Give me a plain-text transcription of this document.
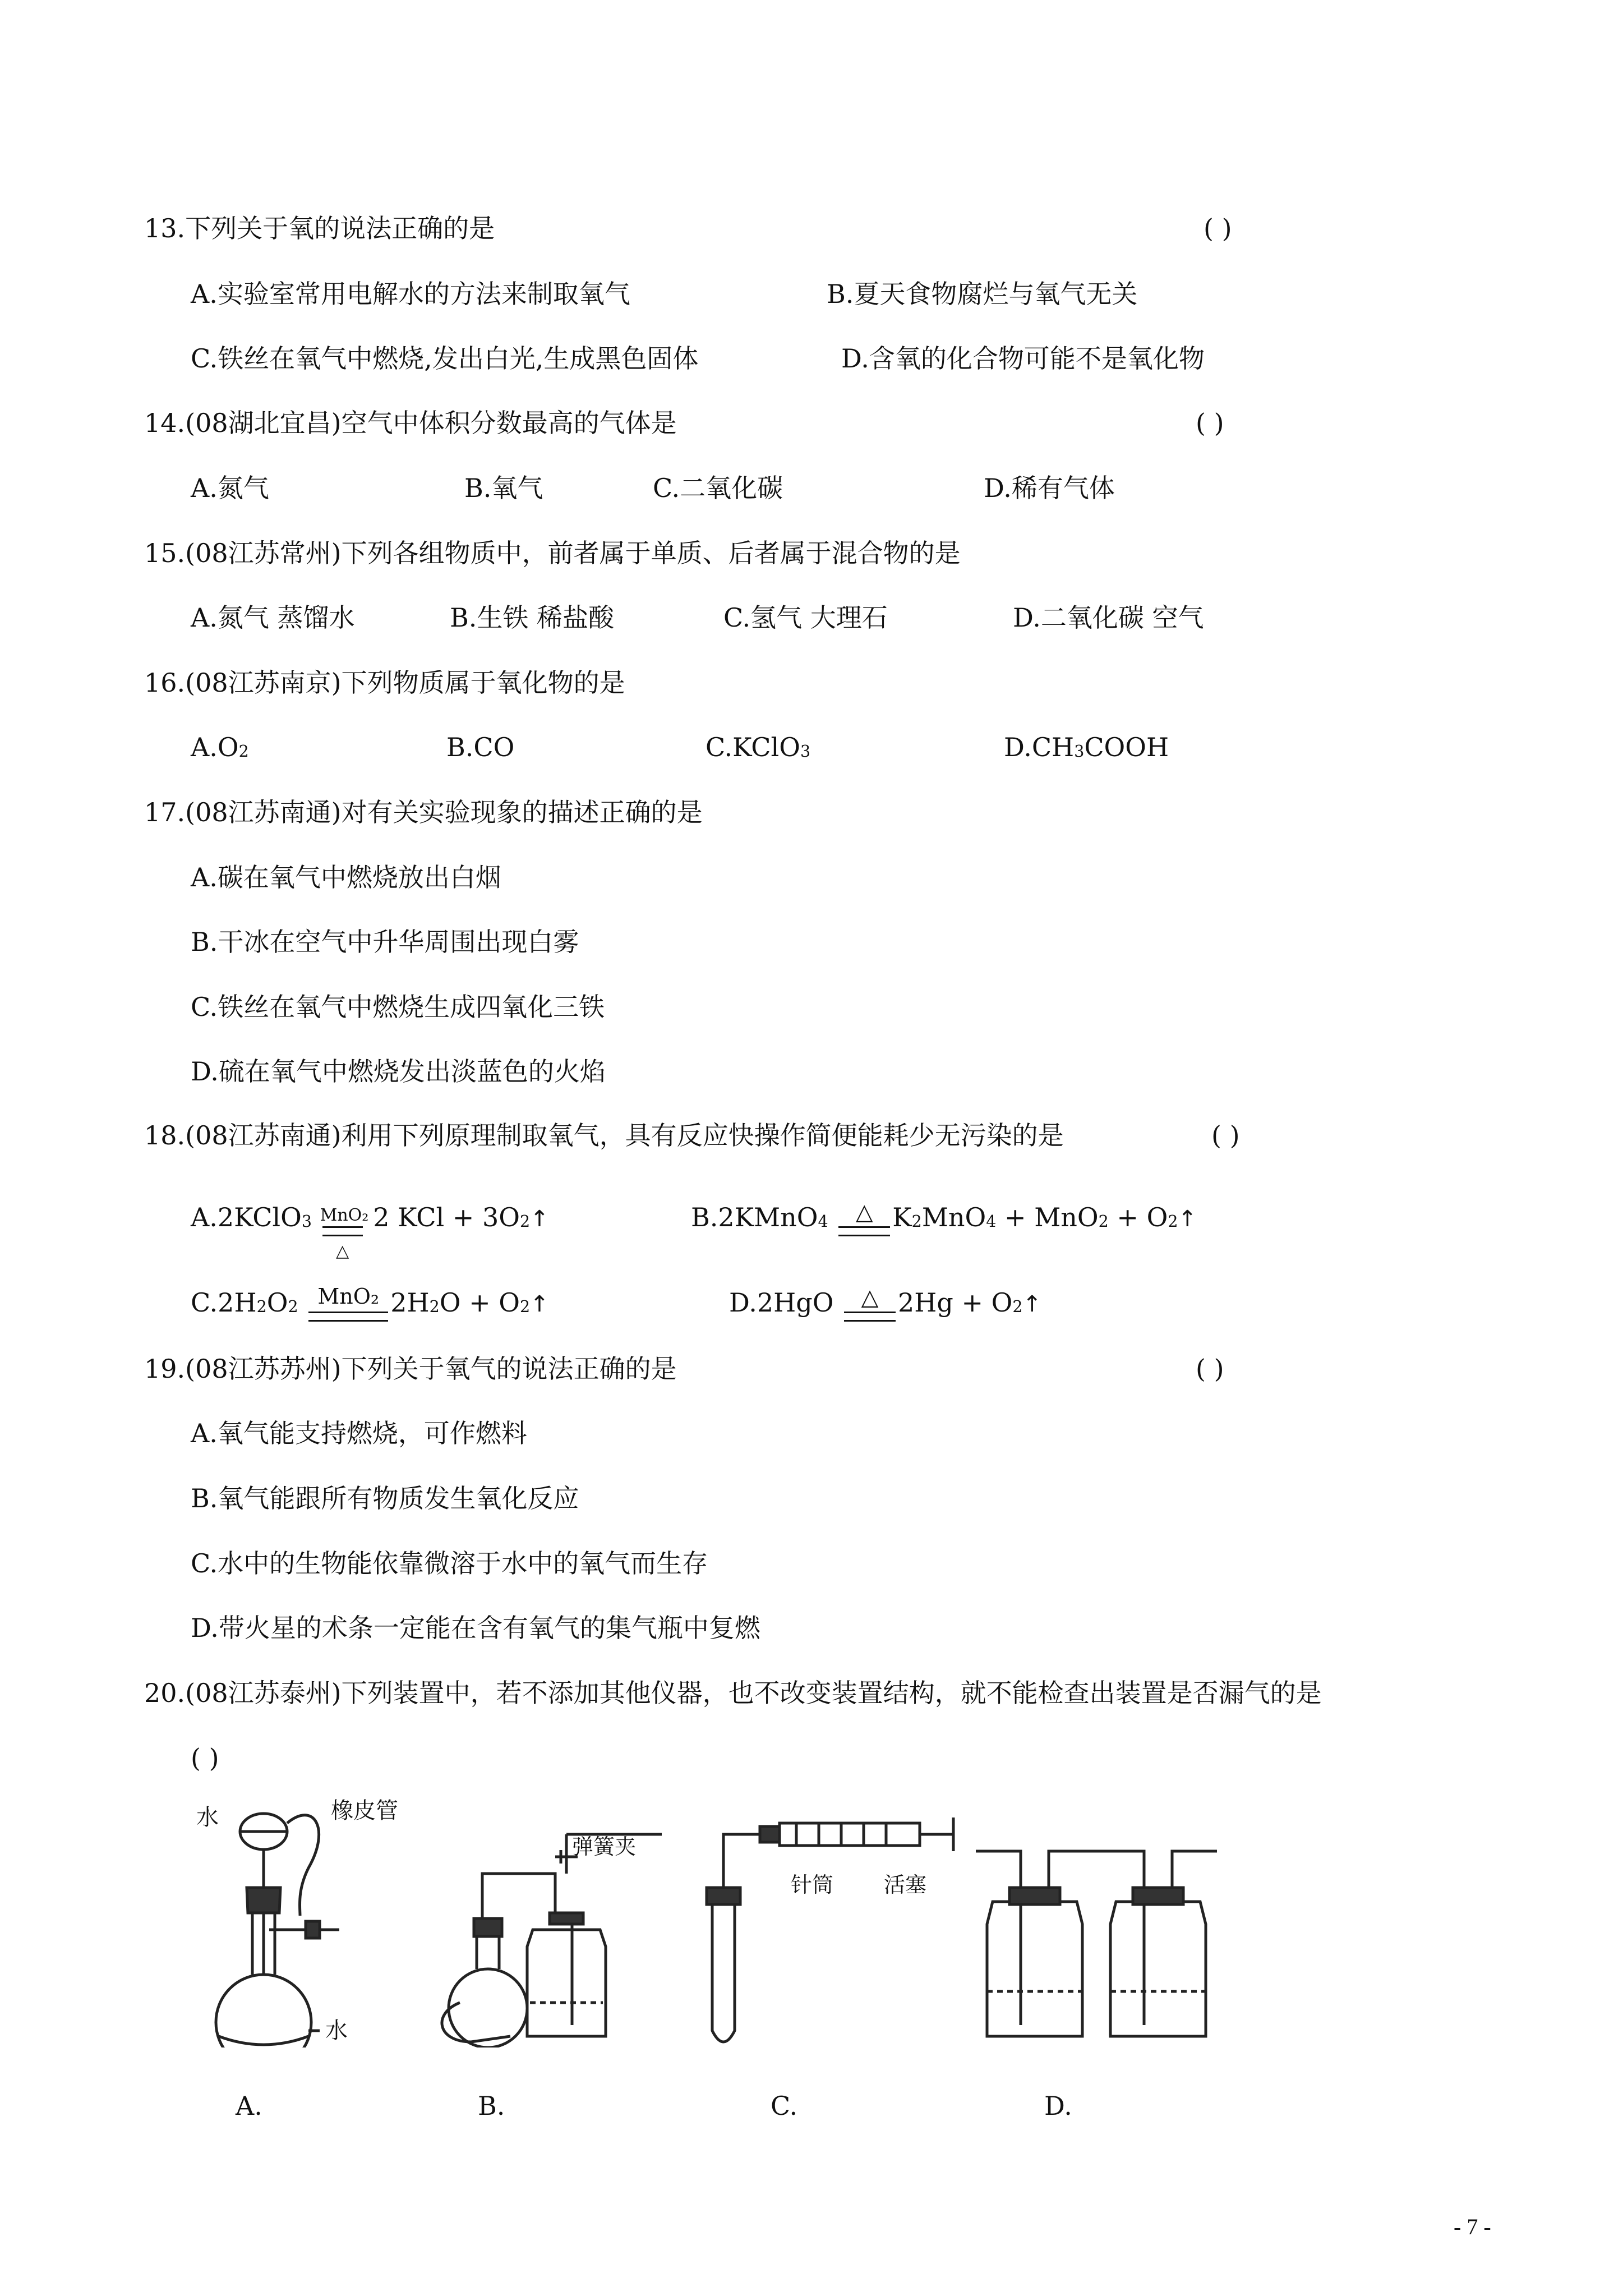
13.下列关于氧的说法正确的是	( )
A.实验室常用电解水的方法来制取氧气	B.夏天食物腐烂与氧气无关
C.铁丝在氧气中燃烧,发出白光,生成黑色固体	D.含氧的化合物可能不是氧化物
14.(08湖北宜昌)空气中体积分数最高的气体是	( )
A.氮气	B.氧气	C.二氧化碳	D.稀有气体
15.(08江苏常州)下列各组物质中，前者属于单质、后者属于混合物的是
A.氮气 蒸馏水	B.生铁 稀盐酸	C.氢气 大理石	D.二氧化碳 空气
16.(08江苏南京)下列物质属于氧化物的是
$A.O_2$	B.CO	C.KClO$_3$	$D.CH_3COOH$
17.(08江苏南通)对有关实验现象的描述正确的是
A.碳在氧气中燃烧放出白烟
B.干冰在空气中升华周围出现白雾
C.铁丝在氧气中燃烧生成四氧化三铁
D.硫在氧气中燃烧发出淡蓝色的火焰
18.(08江苏南通)利用下列原理制取氧气，具有反应快操作简便能耗少无污染的是	( )
A.2KClO$_3$ MnO₂
△
2 KCl + $3O_2↑$	B.2KMnO$_4$	△ $K_2MnO_4 + MnO_2$ + $O_2↑$
$C.2H_2O_2$ MnO₂ $2H_2O$ + $O_2↑$	D.2HgO	△ $2Hg + O_2↑$
19.(08江苏苏州)下列关于氧气的说法正确的是	( )
A.氧气能支持燃烧，可作燃料
B.氧气能跟所有物质发生氧化反应
C.水中的生物能依靠微溶于水中的氧气而生存
D.带火星的术条一定能在含有氧气的集气瓶中复燃
20.(08江苏泰州)下列装置中，若不添加其他仪器，也不改变装置结构，就不能检查出装置是否漏气的是
( )
水	橡皮管
水
弹簧夹
针筒 活塞
A.	B.	C.	D.
- 7 -
